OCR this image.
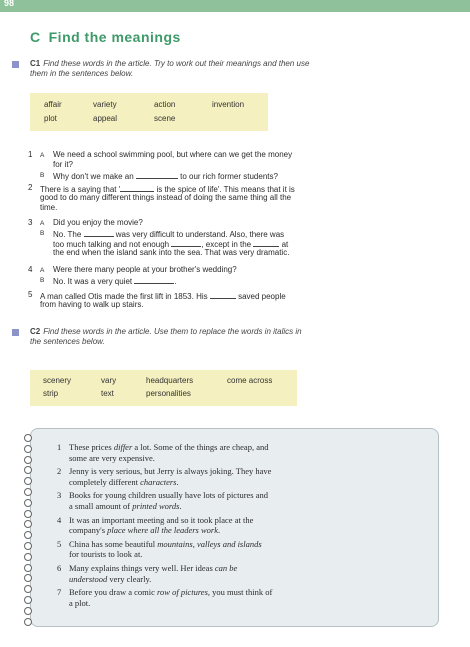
98
C Find the meanings
C1 Find these words in the article. Try to work out their meanings and then use
them in the sentences below.
affair	variety	action	invention
plot	appeal	scene
1	A We need a school swimming pool, but where can we get the money
for it?
B Why don't we make an	to our rich former students?
2 There is a saying that '	is the spice of life'. This means that it is
good to do many different things instead of doing the same thing all the
time.
3	A Did you enjoy the movie?
B No. The	was very difficult to understand. Also, there was
too much talking and not enough	, except in the	at
the end when the island sank into the sea. That was very dramatic.
4	A Were there many people at your brother's wedding?
B No. It was a very quiet	.
5 A man called Otis made the first lift in 1853. His	saved people
from having to walk up stairs.
C2 Find these words in the article. Use them to replace the words in italics in
the sentences below.
scenery	vary	headquarters	come across
strip	text	personalities
1 These prices differ a lot. Some of the things are cheap, and
some are very expensive.
2 Jenny is very serious, but Jerry is always joking. They have
completely different characters.
3 Books for young children usually have lots of pictures and
a small amount of printed words.
4 It was an important meeting and so it took place at the
company's place where all the leaders work.
5 China has some beautiful mountains, valleys and islands
for tourists to look at.
6 Many explains things very well. Her ideas can be
understood very clearly.
7 Before you draw a comic row of pictures, you must think of
a plot.
